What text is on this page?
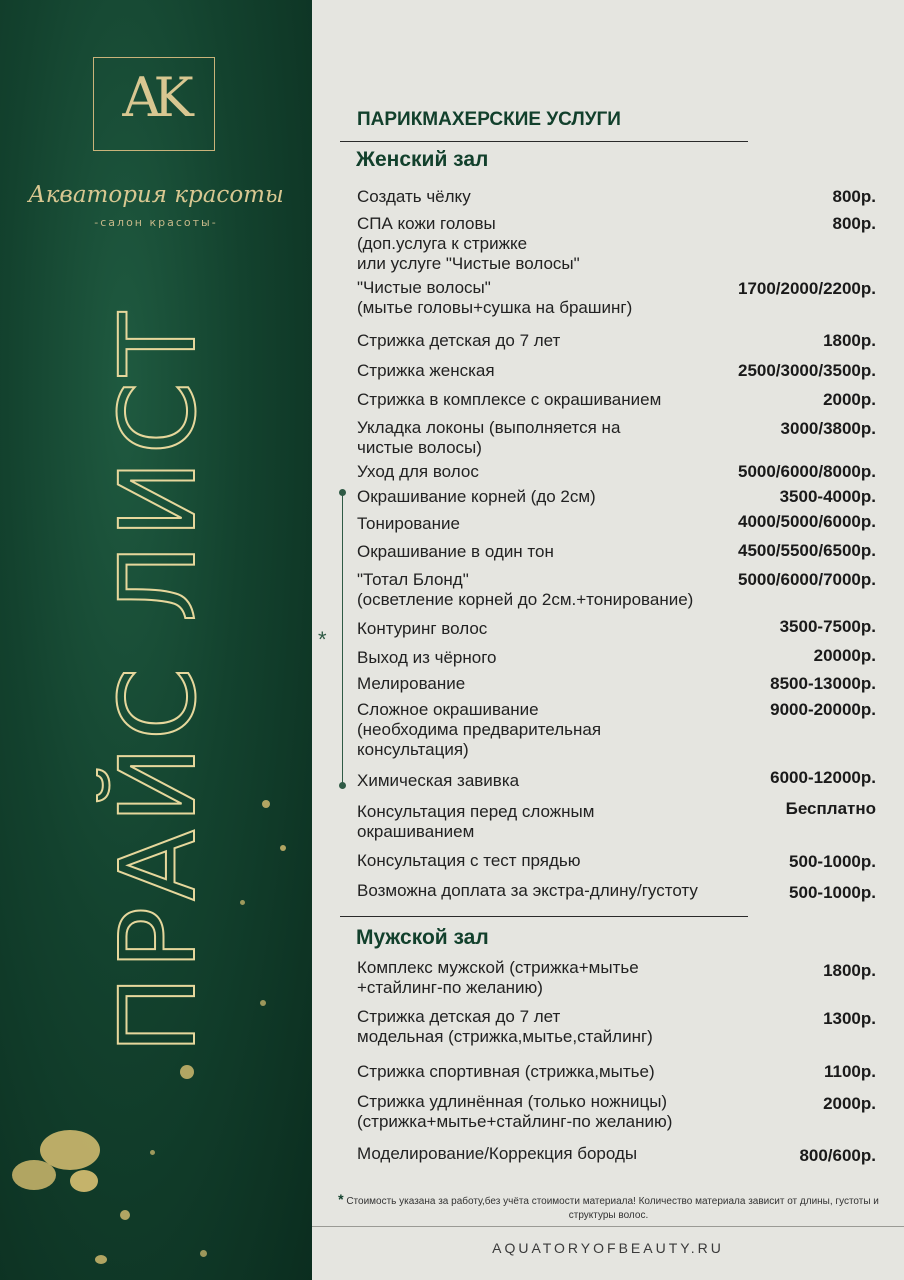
AK
Акватория красоты
-салон красоты-
ПРАЙС ЛИСТ
ПАРИКМАХЕРСКИЕ УСЛУГИ
Женский зал
*
Создать чёлку	800р.
СПА кожи головы
(доп.услуга к стрижке
или услуге "Чистые волосы"
800р.
"Чистые волосы"
(мытье головы+сушка на брашинг)
1700/2000/2200р.
Стрижка детская до 7 лет	1800р.
Стрижка женская	2500/3000/3500р.
Стрижка в комплексе с окрашиванием	2000р.
Укладка локоны (выполняется на
чистые волосы)
3000/3800р.
Уход для волос	5000/6000/8000р.
Окрашивание корней (до 2см)	3500-4000р.
Тонирование	4000/5000/6000р.
Окрашивание в один тон	4500/5500/6500р.
"Тотал Блонд"
(осветление корней до 2см.+тонирование)
5000/6000/7000р.
Контуринг волос	3500-7500р.
Выход из чёрного	20000р.
Мелирование	8500-13000р.
Сложное окрашивание
(необходима предварительная
консультация)
9000-20000р.
Химическая завивка	6000-12000р.
Консультация перед сложным
окрашиванием
Бесплатно
Консультация с тест прядью	500-1000р.
Возможна доплата за экстра-длину/густоту	500-1000р.
Мужской зал
Комплекс мужской (стрижка+мытье
+стайлинг-по желанию)
1800р.
Стрижка детская до 7 лет
модельная (стрижка,мытье,стайлинг)
1300р.
Стрижка спортивная (стрижка,мытье)	1100р.
Стрижка удлинённая (только ножницы)
(стрижка+мытье+стайлинг-по желанию)
2000р.
Моделирование/Коррекция бороды	800/600р.
* Стоимость указана за работу,без учёта стоимости материала! Количество материала зависит от длины, густоты и структуры волос.
AQUATORYOFBEAUTY.RU
